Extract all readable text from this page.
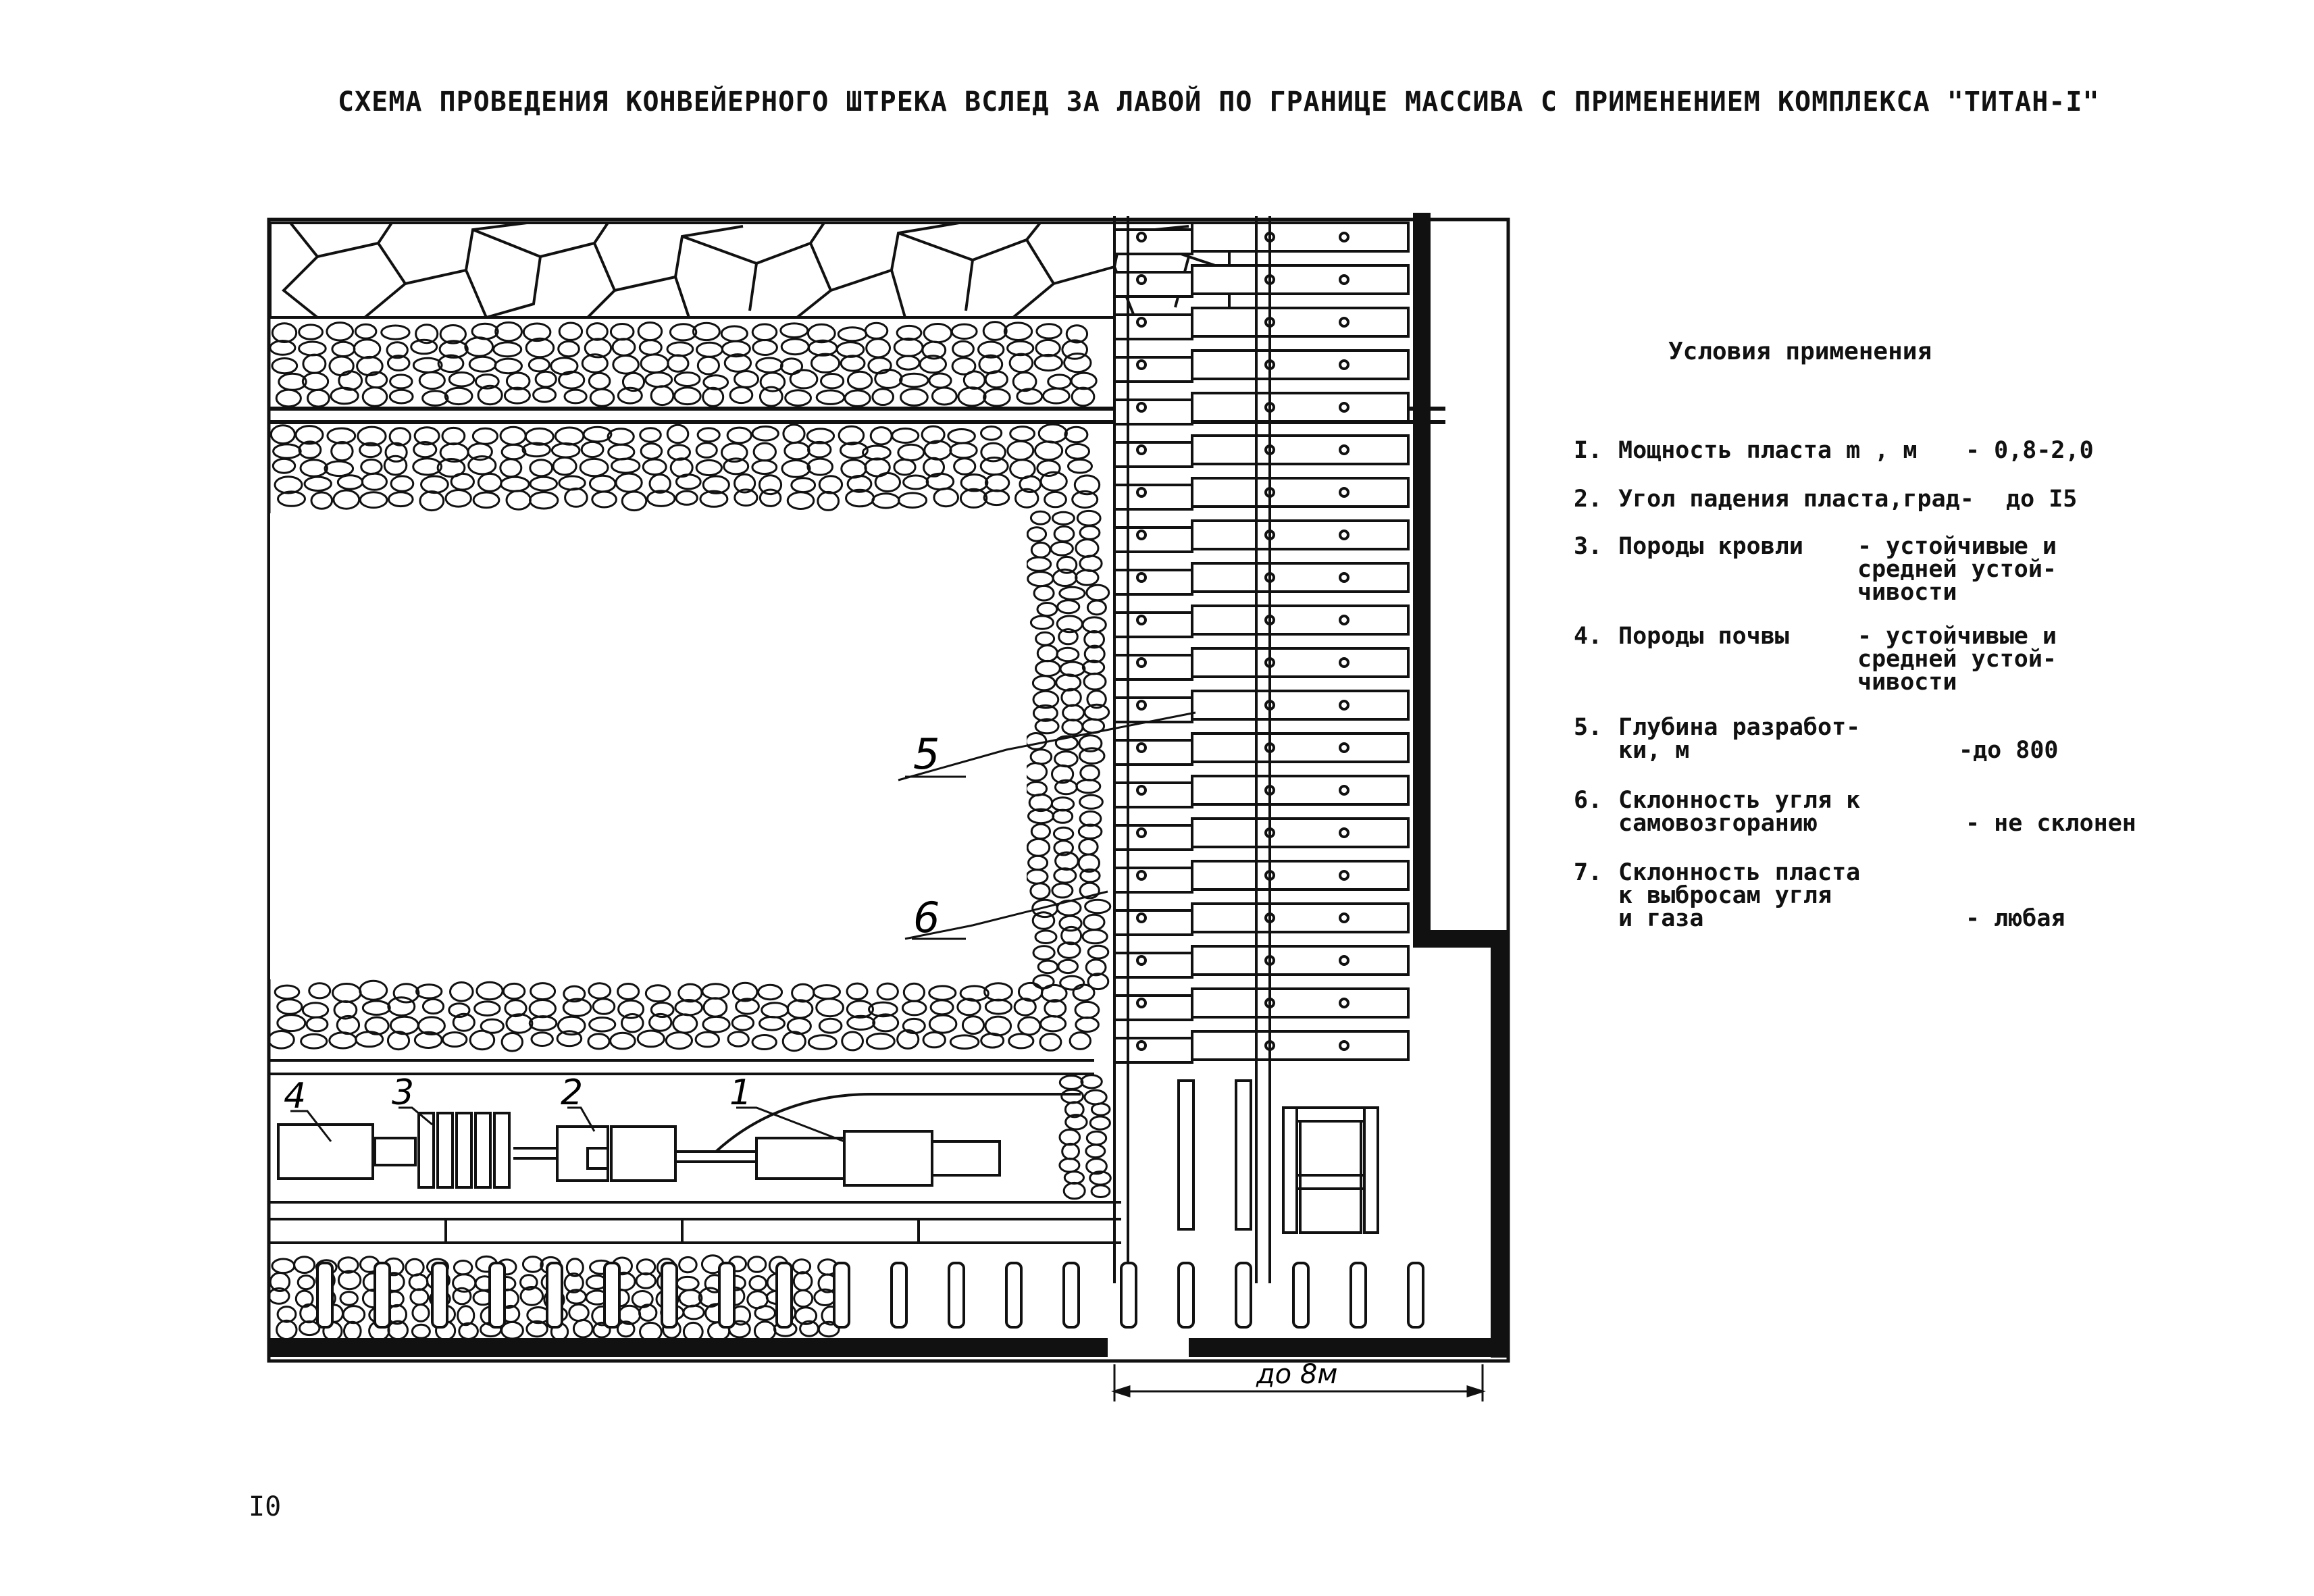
СХЕМА ПРОВЕДЕНИЯ КОНВЕЙЕРНОГО ШТРЕКА ВСЛЕД ЗА ЛАВОЙ ПО ГРАНИЦЕ МАССИВА С ПРИМЕНЕНИЕМ КОМПЛЕКСА "ТИТАН-I"
до 8м
5
6
1
2
3
4
Условия применения
I. Мощность пласта m , м - 0,8-2,0
2. Угол падения пласта,град- до I5
3. Породы кровли - устойчивые и
средней устой-
чивости
4. Породы почвы	- устойчивые и
средней устой-
чивости
5. Глубина разработ-
ки, м	-до 800
6. Склонность угля к
самовозгоранию	- не склонен
7. Склонность пласта
к выбросам угля
и газа	- любая
I0
